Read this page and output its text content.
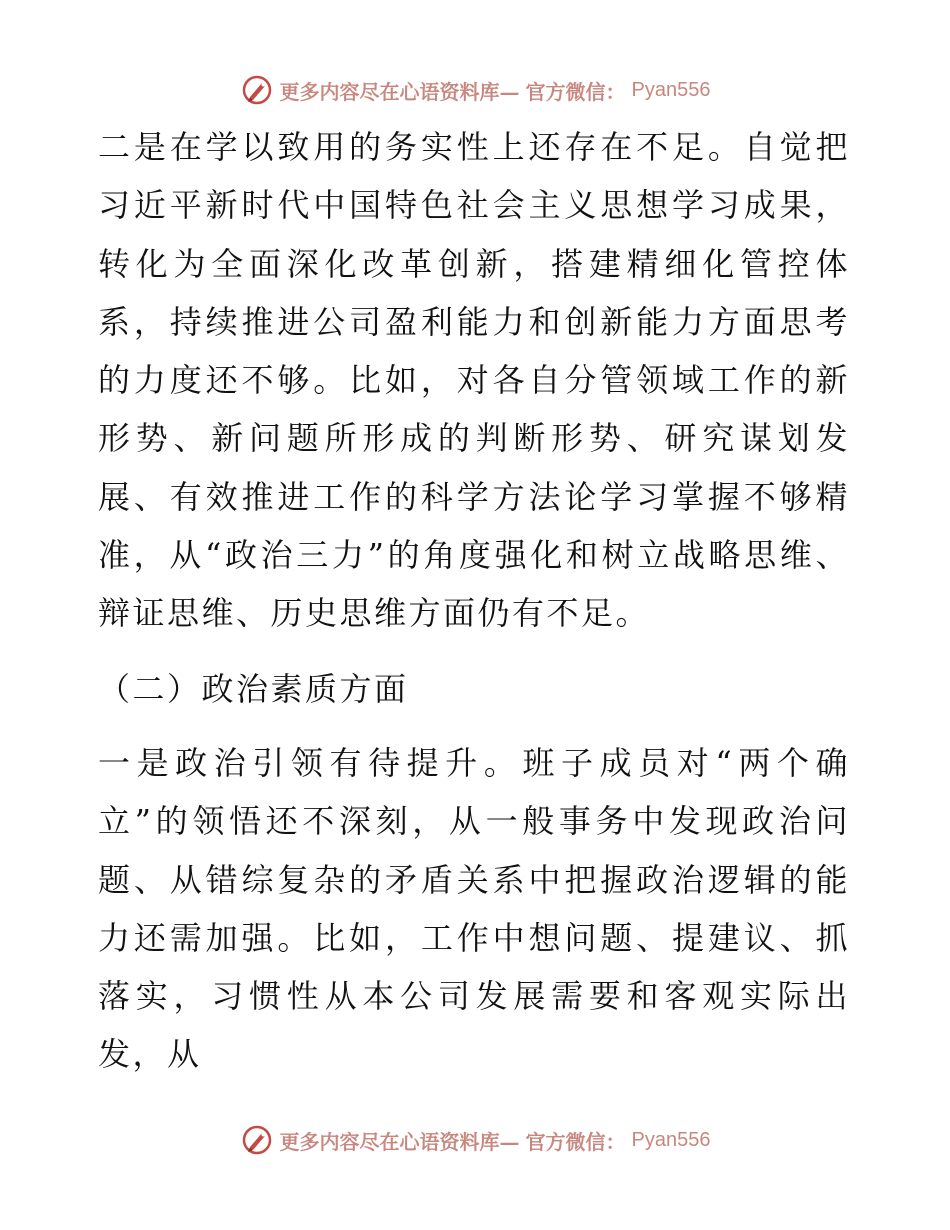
更多内容尽在心语资料库— 官方微信： Pyan556

二是在学以致用的务实性上还存在不足。自觉把习近平新时代中国特色社会主义思想学习成果，转化为全面深化改革创新，搭建精细化管控体系，持续推进公司盈利能力和创新能力方面思考的力度还不够。比如，对各自分管领域工作的新形势、新问题所形成的判断形势、研究谋划发展、有效推进工作的科学方法论学习掌握不够精准，从“政治三力”的角度强化和树立战略思维、辩证思维、历史思维方面仍有不足。

（二）政治素质方面

一是政治引领有待提升。班子成员对“两个确立”的领悟还不深刻，从一般事务中发现政治问题、从错综复杂的矛盾关系中把握政治逻辑的能力还需加强。比如，工作中想问题、提建议、抓落实，习惯性从本公司发展需要和客观实际出发，从

更多内容尽在心语资料库— 官方微信： Pyan556
